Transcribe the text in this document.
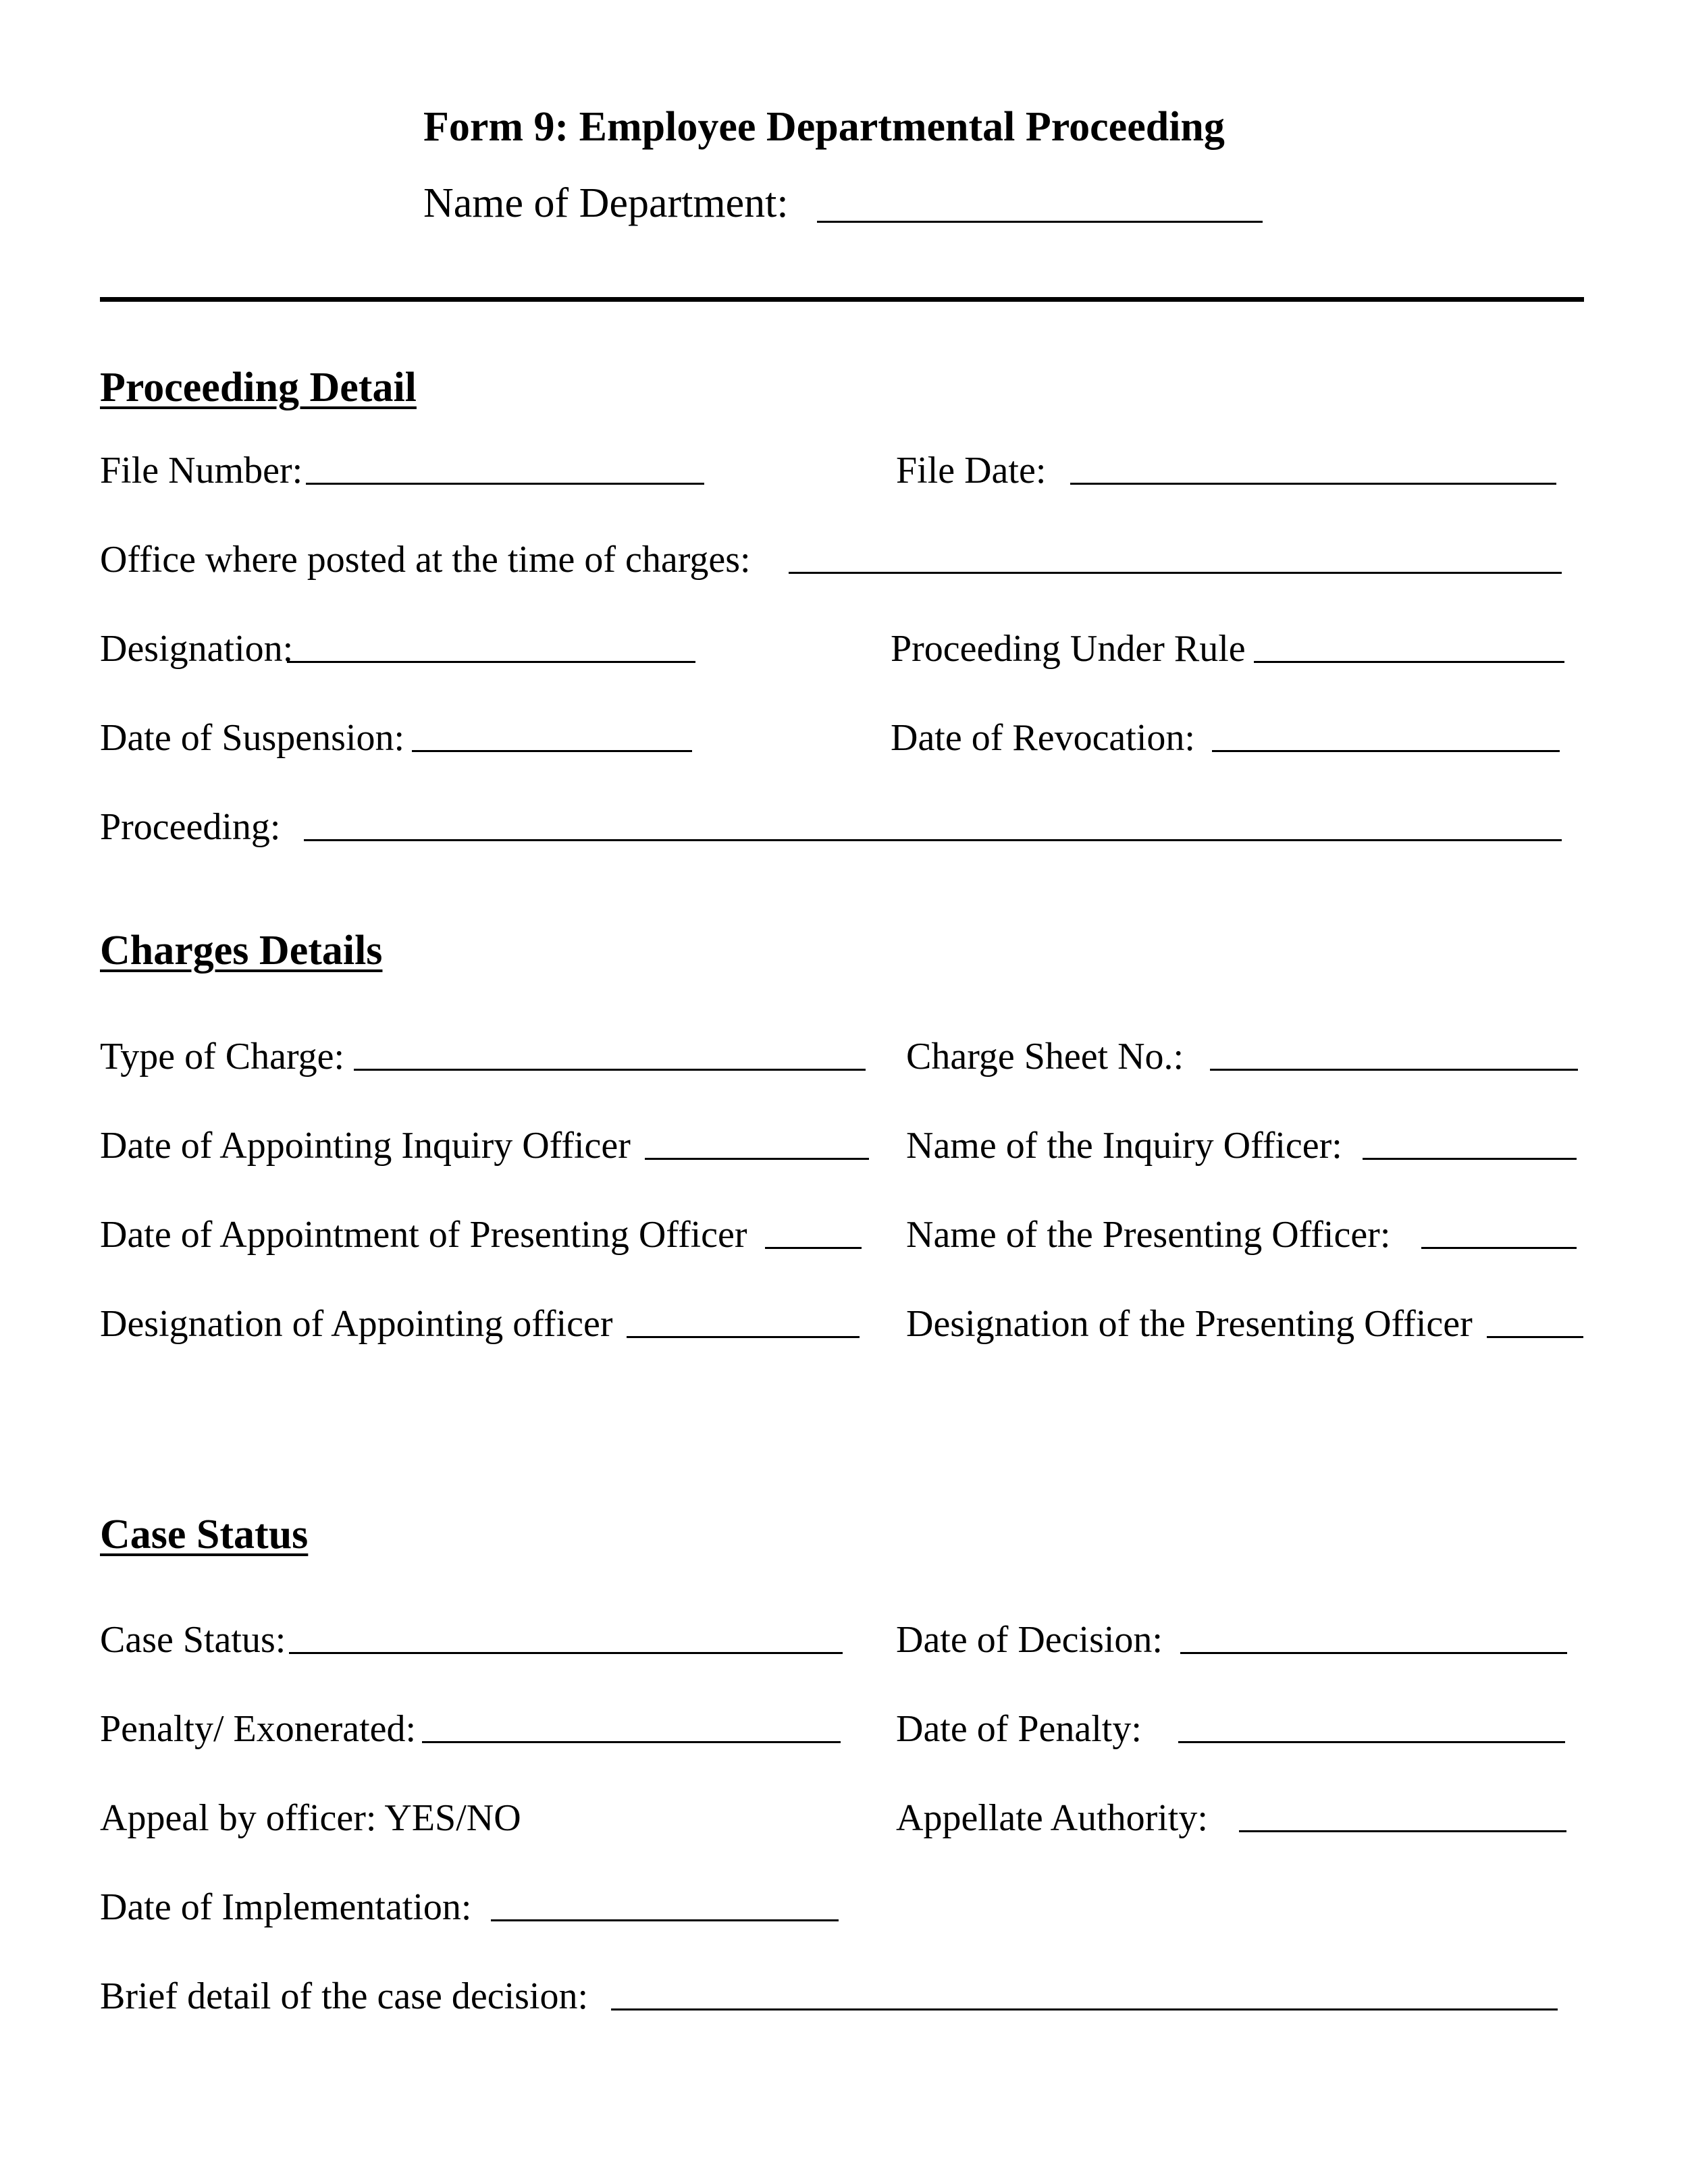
Form 9: Employee Departmental Proceeding
Name of Department:
Proceeding Detail
File Number:	File Date:
Office where posted at the time of charges:
Designation:	Proceeding Under Rule
Date of Suspension:	Date of Revocation:
Proceeding:
Charges Details
Type of Charge:	Charge Sheet No.:
Date of Appointing Inquiry Officer	Name of the Inquiry Officer:
Date of Appointment of Presenting Officer	Name of the Presenting Officer:
Designation of Appointing officer	Designation of the Presenting Officer
Case Status
Case Status:	Date of Decision:
Penalty/ Exonerated:	Date of Penalty:
Appeal by officer: YES/NO	Appellate Authority:
Date of Implementation:
Brief detail of the case decision:
